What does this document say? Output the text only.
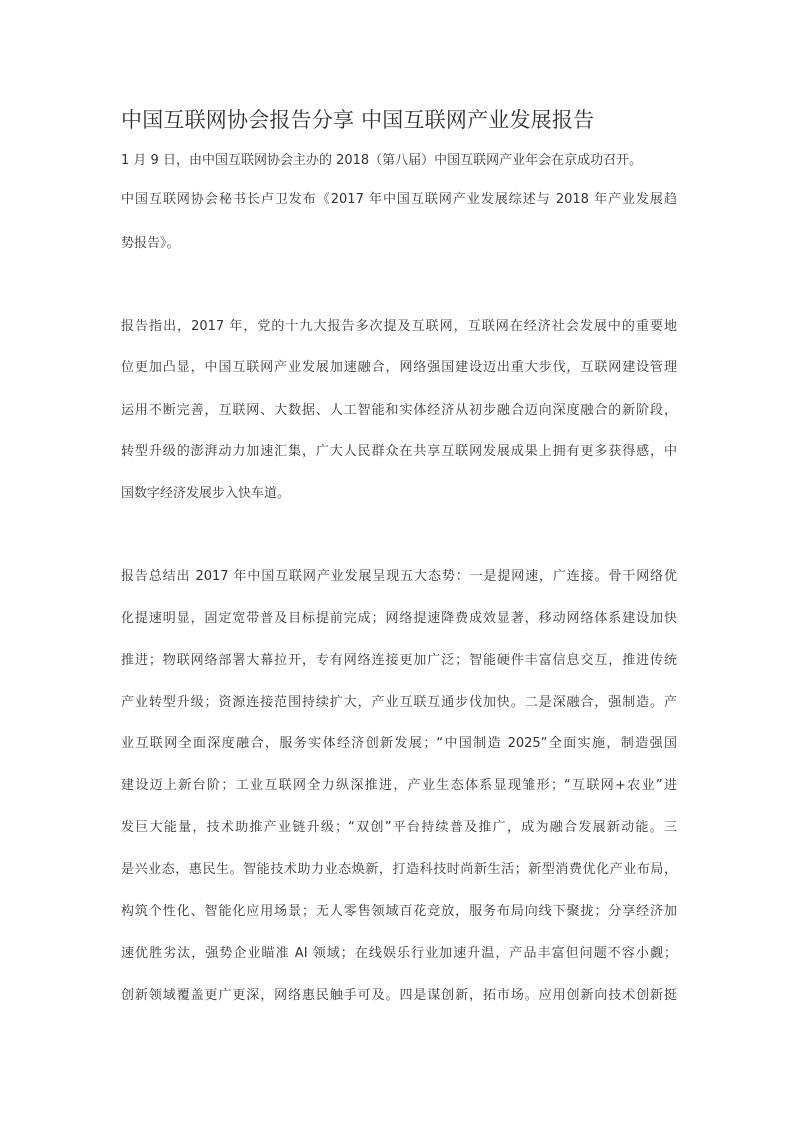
中国互联网协会报告分享 中国互联网产业发展报告
1 月 9 日，由中国互联网协会主办的 2018（第八届）中国互联网产业年会在京成功召开。
中国互联网协会秘书长卢卫发布《2017 年中国互联网产业发展综述与 2018 年产业发展趋
势报告》。
报告指出，2017 年，党的十九大报告多次提及互联网，互联网在经济社会发展中的重要地
位更加凸显，中国互联网产业发展加速融合，网络强国建设迈出重大步伐，互联网建设管理
运用不断完善，互联网、大数据、人工智能和实体经济从初步融合迈向深度融合的新阶段，
转型升级的澎湃动力加速汇集，广大人民群众在共享互联网发展成果上拥有更多获得感，中
国数字经济发展步入快车道。
报告总结出 2017 年中国互联网产业发展呈现五大态势：一是提网速，广连接。骨干网络优
化提速明显，固定宽带普及目标提前完成；网络提速降费成效显著，移动网络体系建设加快
推进；物联网络部署大幕拉开，专有网络连接更加广泛；智能硬件丰富信息交互，推进传统
产业转型升级；资源连接范围持续扩大，产业互联互通步伐加快。二是深融合，强制造。产
业互联网全面深度融合，服务实体经济创新发展；“中国制造 2025”全面实施，制造强国
建设迈上新台阶；工业互联网全力纵深推进，产业生态体系显现雏形；“互联网+农业”进
发巨大能量，技术助推产业链升级；“双创”平台持续普及推广，成为融合发展新动能。三
是兴业态，惠民生。智能技术助力业态焕新，打造科技时尚新生活；新型消费优化产业布局，
构筑个性化、智能化应用场景；无人零售领域百花竞放，服务布局向线下聚拢；分享经济加
速优胜劣汰，强势企业瞄准 AI 领域；在线娱乐行业加速升温，产品丰富但问题不容小觑；
创新领域覆盖更广更深，网络惠民触手可及。四是谋创新，拓市场。应用创新向技术创新挺
